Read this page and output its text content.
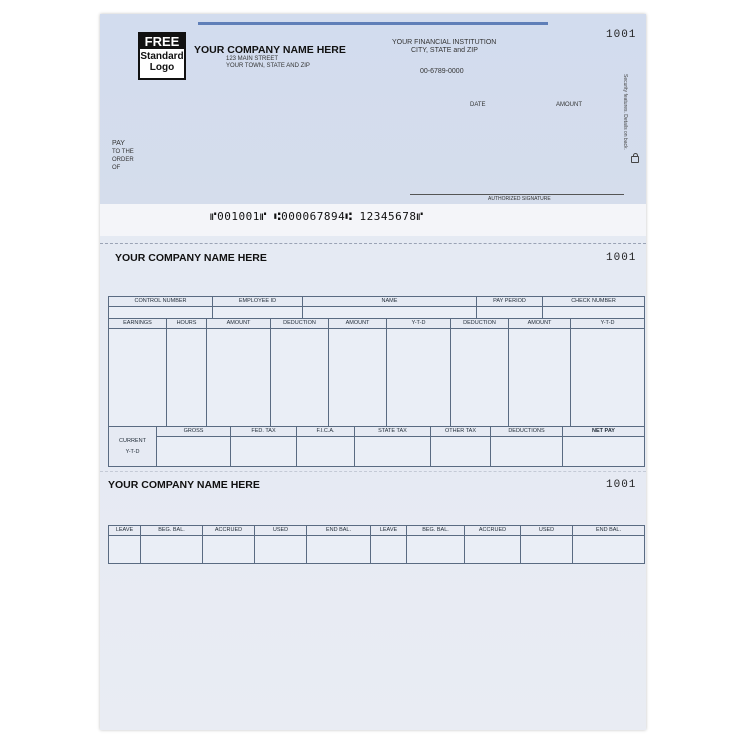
FREE
Standard
Logo
YOUR COMPANY NAME HERE
123 MAIN STREET
YOUR TOWN, STATE AND ZIP
YOUR FINANCIAL INSTITUTION
CITY, STATE and ZIP
00-6789-0000
1001
DATE	AMOUNT
PAY
TO THE
ORDER
OF
AUTHORIZED SIGNATURE
Security features. Details on back.
⑈001001⑈ ⑆000067894⑆ 12345678⑈
YOUR COMPANY NAME HERE	1001
CONTROL NUMBER	EMPLOYEE ID	NAME	PAY PERIOD	CHECK NUMBER

EARNINGS	HOURS	AMOUNT	DEDUCTION	AMOUNT	Y-T-D	DEDUCTION	AMOUNT	Y-T-D

CURRENT
Y-T-D	GROSS	FED. TAX	F.I.C.A.	STATE TAX	OTHER TAX	DEDUCTIONS	NET PAY

YOUR COMPANY NAME HERE	1001
LEAVE	BEG. BAL.	ACCRUED	USED	END BAL.	LEAVE	BEG. BAL.	ACCRUED	USED	END BAL.
